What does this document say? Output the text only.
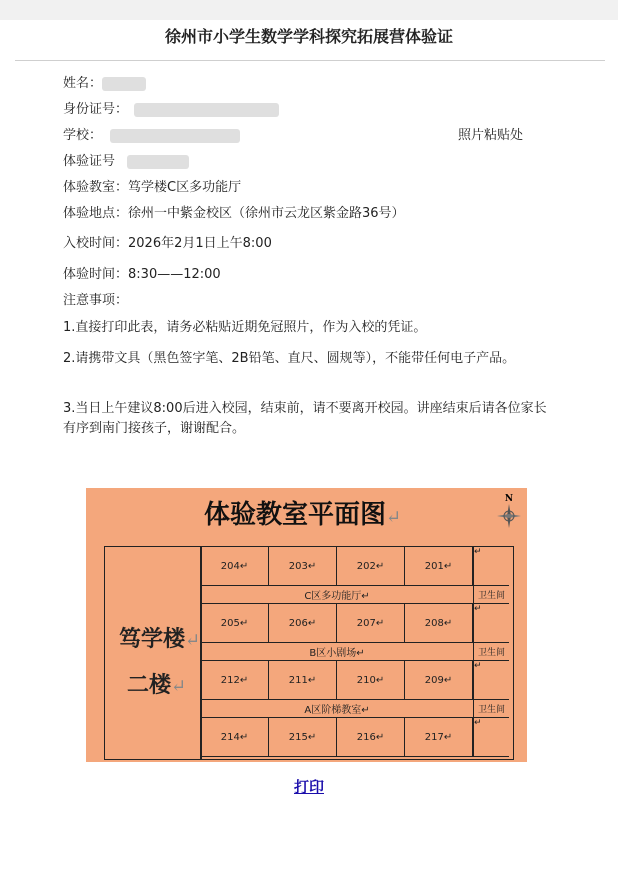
徐州市小学生数学学科探究拓展营体验证
姓名：
身份证号：
学校：	照片粘贴处
体验证号
体验教室：笃学楼C区多功能厅
体验地点：徐州一中紫金校区（徐州市云龙区紫金路36号）
入校时间：2026年2月1日上午8:00
体验时间：8:30——12:00
注意事项：
1.直接打印此表，请务必粘贴近期免冠照片，作为入校的凭证。
2.请携带文具（黑色签字笔、2B铅笔、直尺、圆规等），不能带任何电子产品。
3.当日上午建议8:00后进入校园，结束前，请不要离开校园。讲座结束后请各位家长有序到南门接孩子，谢谢配合。
体验教室平面图↵
N
笃学楼↵
二楼↵
204↵	203↵	202↵	201↵
↵
C区多功能厅↵	卫生间
205↵	206↵	207↵	208↵
↵
B区小剧场↵	卫生间
212↵	211↵	210↵	209↵
↵
A区阶梯教室↵	卫生间
214↵	215↵	216↵	217↵
↵
打印
